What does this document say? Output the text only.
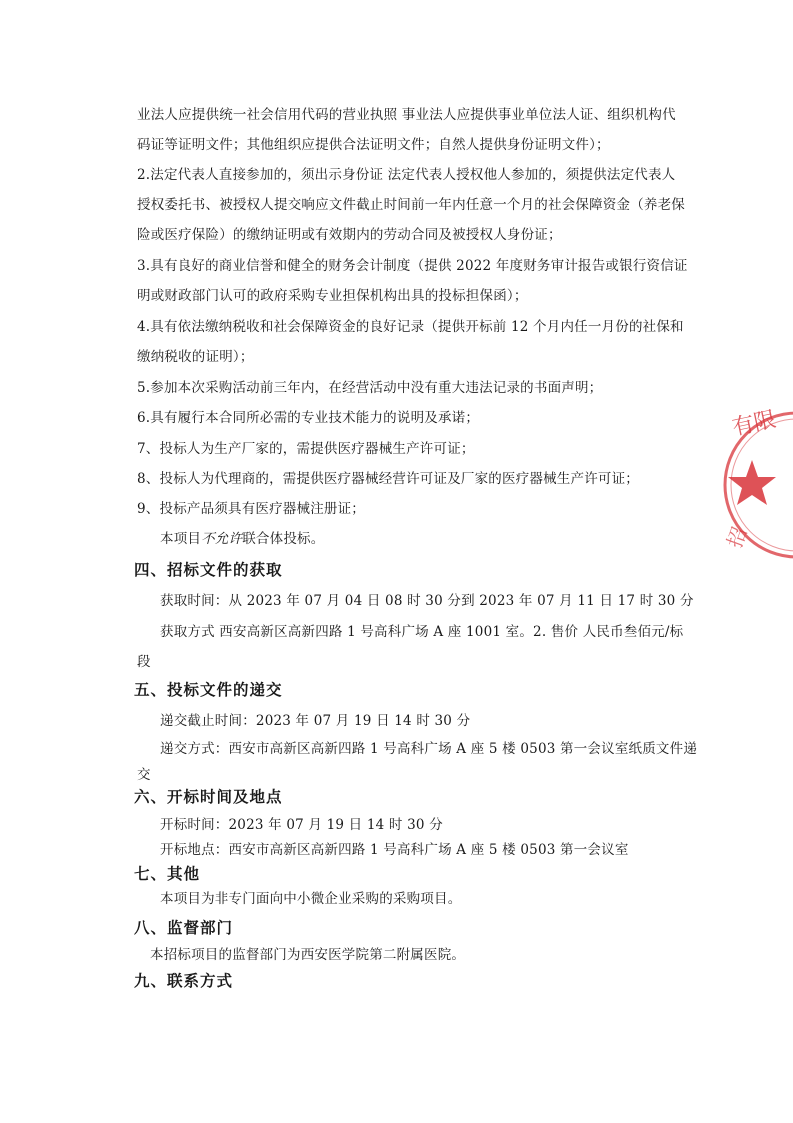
业法人应提供统一社会信用代码的营业执照 事业法人应提供事业单位法人证、组织机构代
码证等证明文件；其他组织应提供合法证明文件；自然人提供身份证明文件）；
2.法定代表人直接参加的，须出示身份证 法定代表人授权他人参加的，须提供法定代表人
授权委托书、被授权人提交响应文件截止时间前一年内任意一个月的社会保障资金（养老保
险或医疗保险）的缴纳证明或有效期内的劳动合同及被授权人身份证；
3.具有良好的商业信誉和健全的财务会计制度（提供 2022 年度财务审计报告或银行资信证
明或财政部门认可的政府采购专业担保机构出具的投标担保函）；
4.具有依法缴纳税收和社会保障资金的良好记录（提供开标前 12 个月内任一月份的社保和
缴纳税收的证明）；
5.参加本次采购活动前三年内，在经营活动中没有重大违法记录的书面声明；
6.具有履行本合同所必需的专业技术能力的说明及承诺；
7、投标人为生产厂家的，需提供医疗器械生产许可证；
8、投标人为代理商的，需提供医疗器械经营许可证及厂家的医疗器械生产许可证；
9、投标产品须具有医疗器械注册证；
本项目不允许联合体投标。
四、招标文件的获取
获取时间：从 2023 年 07 月 04 日 08 时 30 分到 2023 年 07 月 11 日 17 时 30 分
获取方式 西安高新区高新四路 1 号高科广场 A 座 1001 室。2. 售价 人民币叁佰元/标
段
五、投标文件的递交
递交截止时间：2023 年 07 月 19 日 14 时 30 分
递交方式：西安市高新区高新四路 1 号高科广场 A 座 5 楼 0503 第一会议室纸质文件递
交
六、开标时间及地点
开标时间：2023 年 07 月 19 日 14 时 30 分
开标地点：西安市高新区高新四路 1 号高科广场 A 座 5 楼 0503 第一会议室
七、其他
本项目为非专门面向中小微企业采购的采购项目。
八、监督部门
本招标项目的监督部门为西安医学院第二附属医院。
九、联系方式
有限
招
